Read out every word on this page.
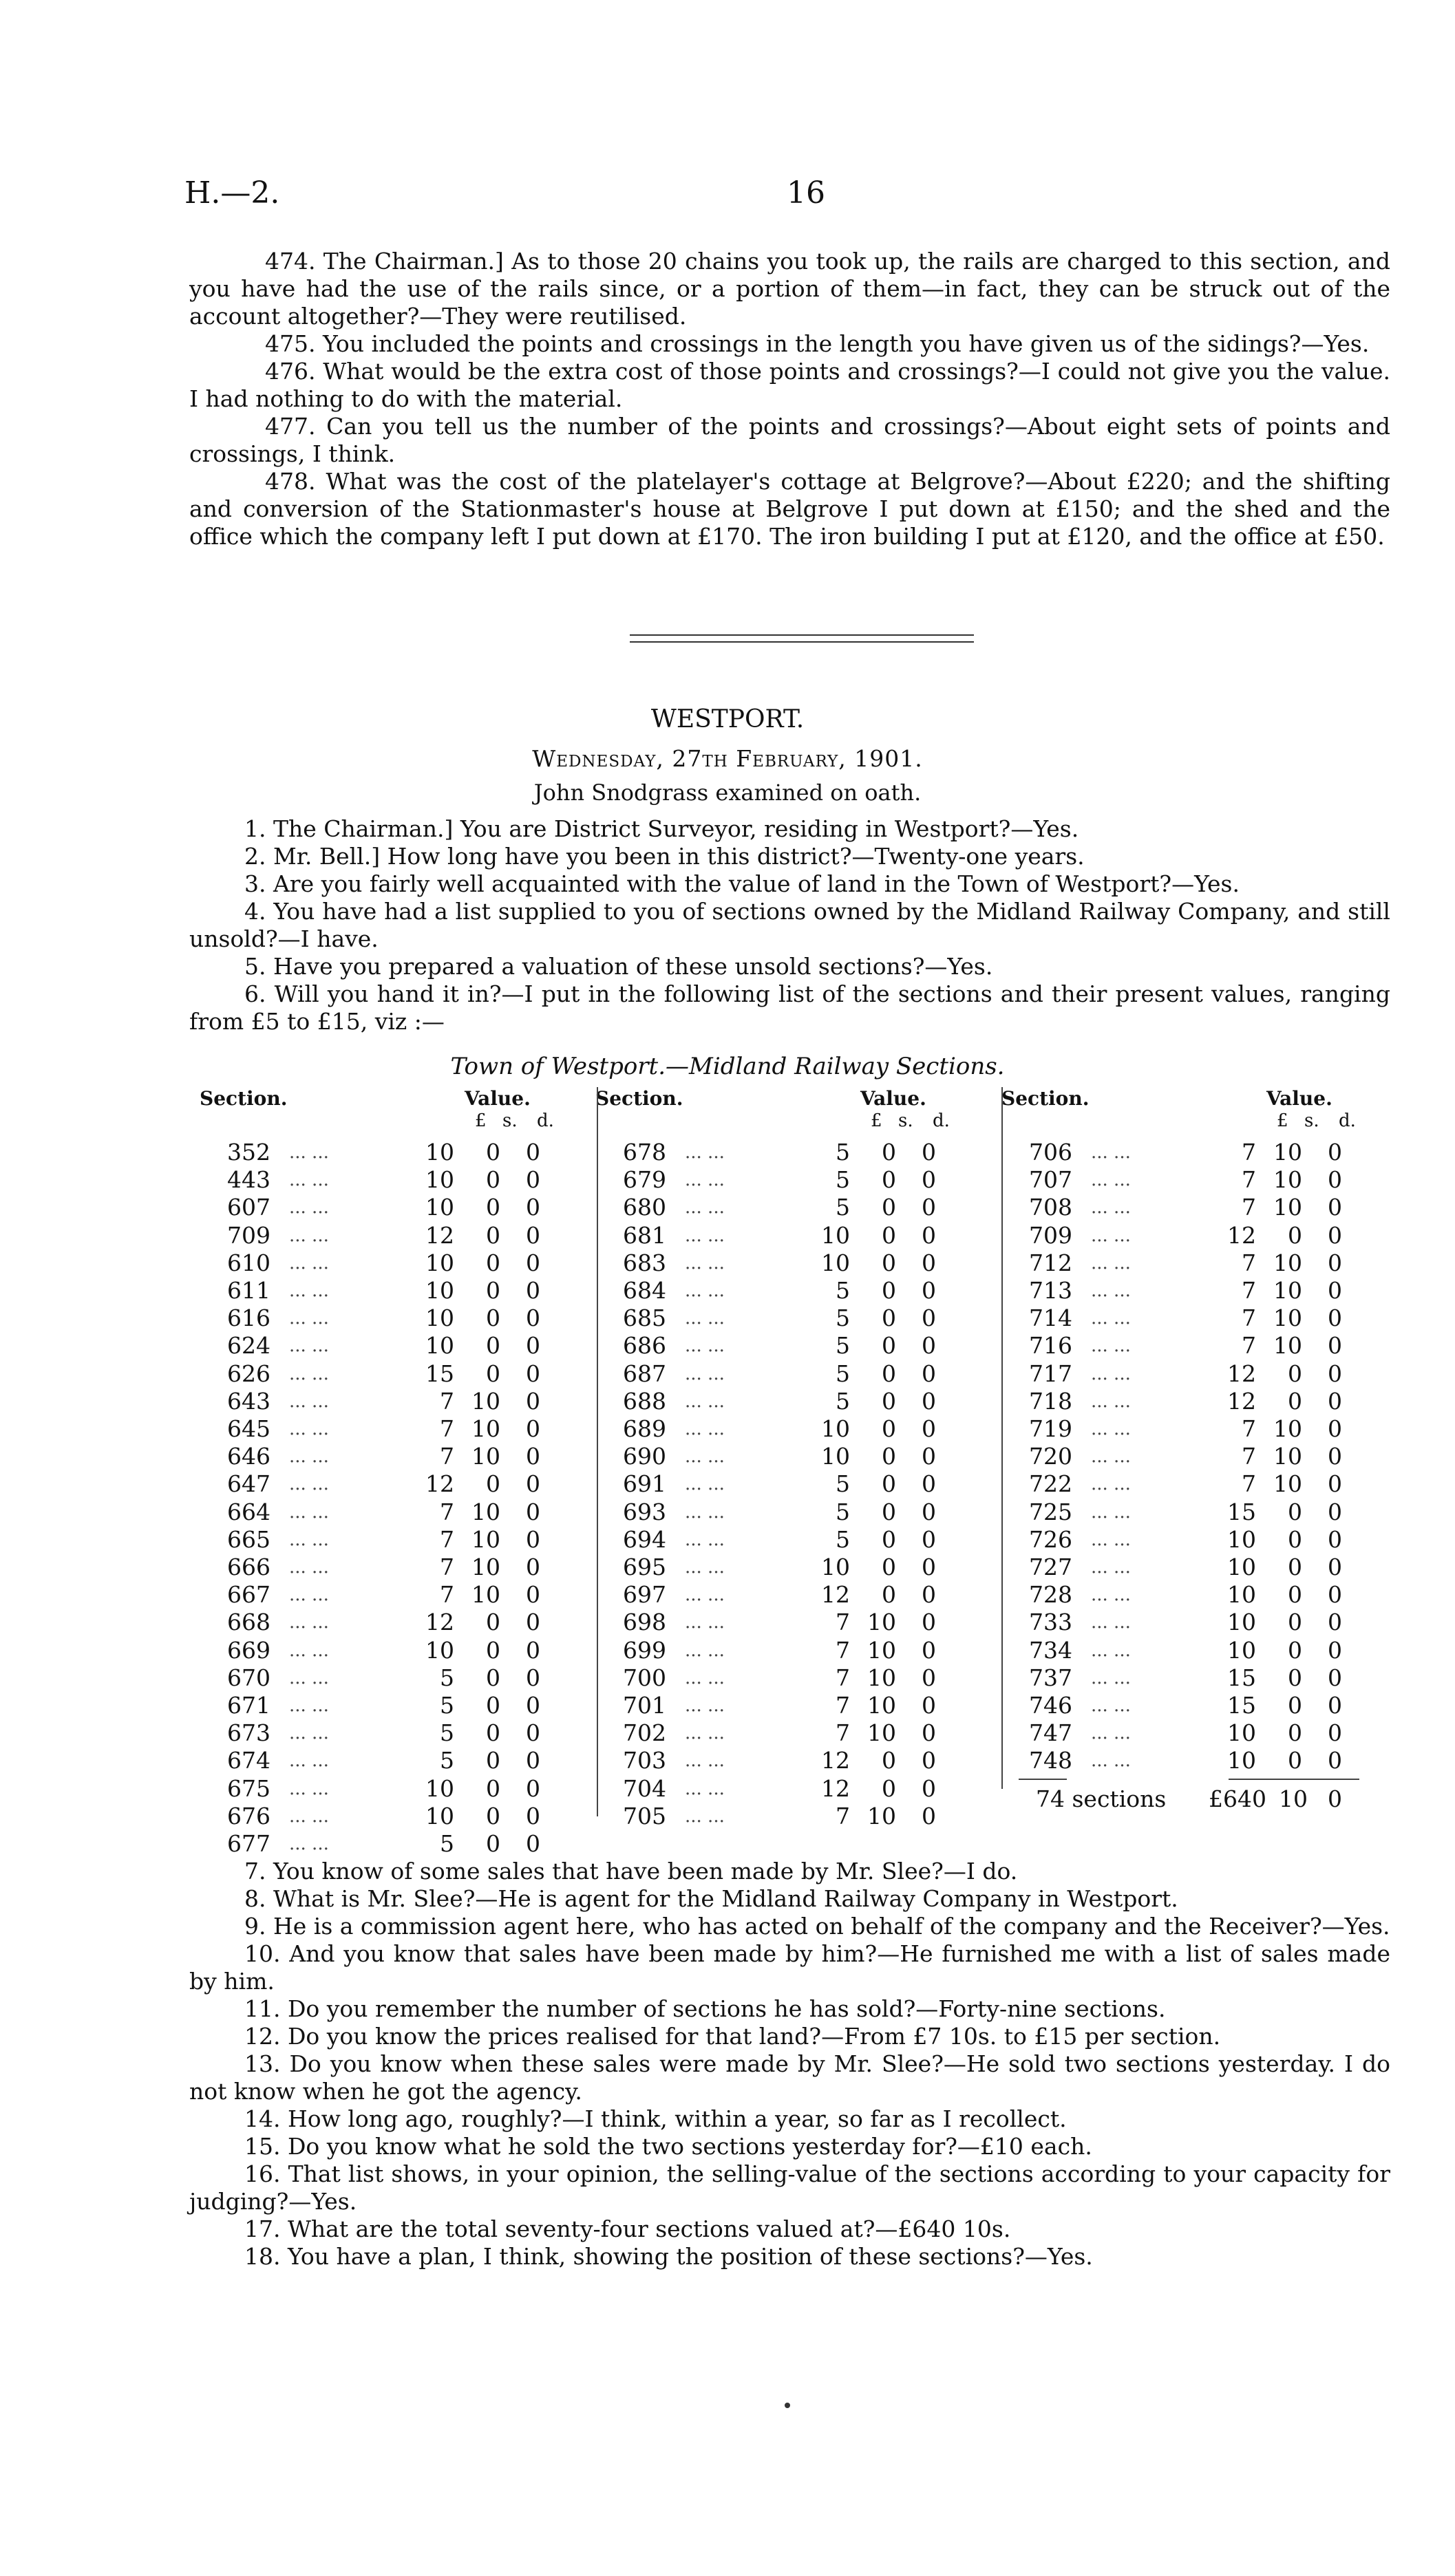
H.—2.	16

474. The Chairman.] As to those 20 chains you took up, the rails are charged to this section, and you have had the use of the rails since, or a portion of them—in fact, they can be struck out of the account altogether?—They were reutilised.

475. You included the points and crossings in the length you have given us of the sidings?—Yes.

476. What would be the extra cost of those points and crossings?—I could not give you the value. I had nothing to do with the material.

477. Can you tell us the number of the points and crossings?—About eight sets of points and crossings, I think.

478. What was the cost of the platelayer's cottage at Belgrove?—About £220; and the shifting and conversion of the Stationmaster's house at Belgrove I put down at £150; and the shed and the office which the company left I put down at £170. The iron building I put at £120, and the office at £50.

WESTPORT.
Wednesday, 27th February, 1901.
John Snodgrass examined on oath.

1. The Chairman.] You are District Surveyor, residing in Westport?—Yes.

2. Mr. Bell.] How long have you been in this district?—Twenty-one years.

3. Are you fairly well acquainted with the value of land in the Town of Westport?—Yes.

4. You have had a list supplied to you of sections owned by the Midland Railway Company, and still unsold?—I have.

5. Have you prepared a valuation of these unsold sections?—Yes.

6. Will you hand it in?—I put in the following list of the sections and their present values, ranging from £5 to £15, viz :—

Town of Westport.—Midland Railway Sections.
Section.	Value.
£ s. d.
352 ... ...	10 0 0
443 ... ...	10 0 0
607 ... ...	10 0 0
709 ... ...	12 0 0
610 ... ...	10 0 0
611 ... ...	10 0 0
616 ... ...	10 0 0
624 ... ...	10 0 0
626 ... ...	15 0 0
643 ... ...	7 10 0
645 ... ...	7 10 0
646 ... ...	7 10 0
647 ... ...	12 0 0
664 ... ...	7 10 0
665 ... ...	7 10 0
666 ... ...	7 10 0
667 ... ...	7 10 0
668 ... ...	12 0 0
669 ... ...	10 0 0
670 ... ...	5 0 0
671 ... ...	5 0 0
673 ... ...	5 0 0
674 ... ...	5 0 0
675 ... ...	10 0 0
676 ... ...	10 0 0
677 ... ...	5 0 0
Section.	Value.
£ s. d.
678 ... ...	5 0 0
679 ... ...	5 0 0
680 ... ...	5 0 0
681 ... ...	10 0 0
683 ... ...	10 0 0
684 ... ...	5 0 0
685 ... ...	5 0 0
686 ... ...	5 0 0
687 ... ...	5 0 0
688 ... ...	5 0 0
689 ... ...	10 0 0
690 ... ...	10 0 0
691 ... ...	5 0 0
693 ... ...	5 0 0
694 ... ...	5 0 0
695 ... ...	10 0 0
697 ... ...	12 0 0
698 ... ...	7 10 0
699 ... ...	7 10 0
700 ... ...	7 10 0
701 ... ...	7 10 0
702 ... ...	7 10 0
703 ... ...	12 0 0
704 ... ...	12 0 0
705 ... ...	7 10 0
Section.	Value.
£ s. d.
706 ... ...	7 10 0
707 ... ...	7 10 0
708 ... ...	7 10 0
709 ... ...	12 0 0
712 ... ...	7 10 0
713 ... ...	7 10 0
714 ... ...	7 10 0
716 ... ...	7 10 0
717 ... ...	12 0 0
718 ... ...	12 0 0
719 ... ...	7 10 0
720 ... ...	7 10 0
722 ... ...	7 10 0
725 ... ...	15 0 0
726 ... ...	10 0 0
727 ... ...	10 0 0
728 ... ...	10 0 0
733 ... ...	10 0 0
734 ... ...	10 0 0
737 ... ...	15 0 0
746 ... ...	15 0 0
747 ... ...	10 0 0
748 ... ...	10 0 0
74 sections £640 10 0

7. You know of some sales that have been made by Mr. Slee?—I do.

8. What is Mr. Slee?—He is agent for the Midland Railway Company in Westport.

9. He is a commission agent here, who has acted on behalf of the company and the Receiver?—Yes.

10. And you know that sales have been made by him?—He furnished me with a list of sales made by him.

11. Do you remember the number of sections he has sold?—Forty-nine sections.

12. Do you know the prices realised for that land?—From £7 10s. to £15 per section.

13. Do you know when these sales were made by Mr. Slee?—He sold two sections yesterday. I do not know when he got the agency.

14. How long ago, roughly?—I think, within a year, so far as I recollect.

15. Do you know what he sold the two sections yesterday for?—£10 each.

16. That list shows, in your opinion, the selling-value of the sections according to your capacity for judging?—Yes.

17. What are the total seventy-four sections valued at?—£640 10s.

18. You have a plan, I think, showing the position of these sections?—Yes.
